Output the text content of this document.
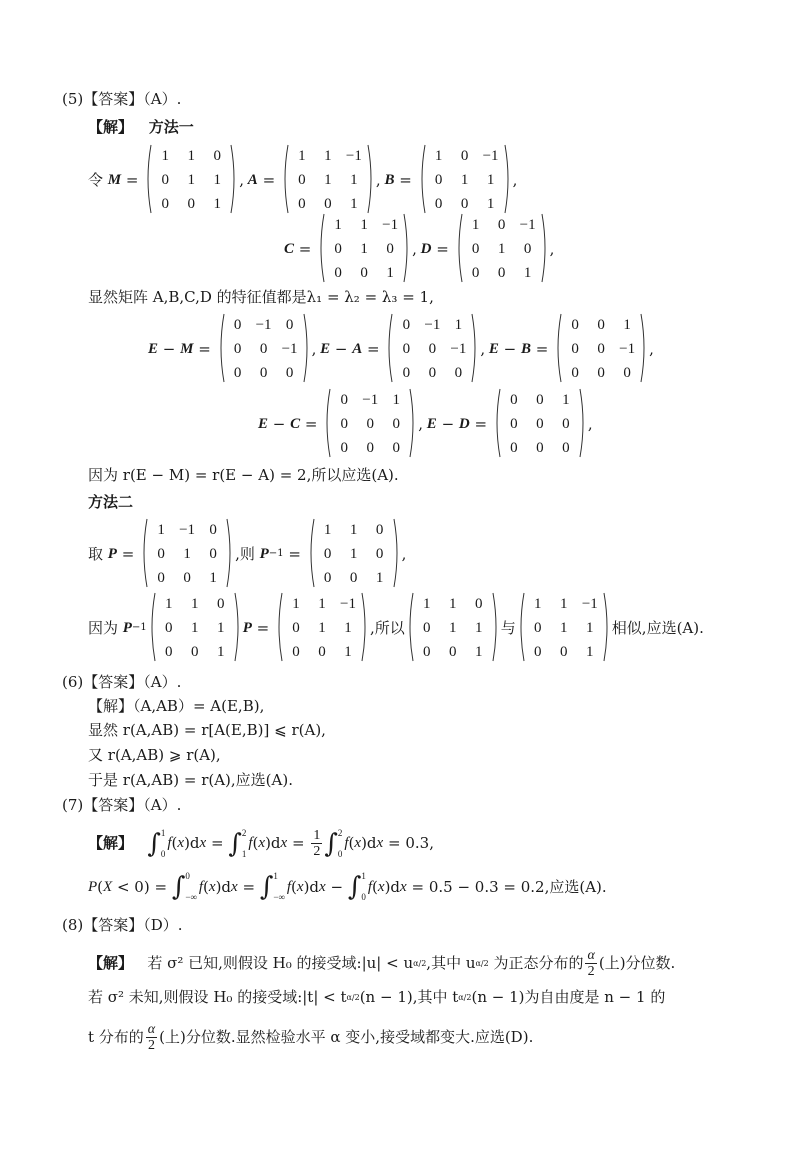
(5)【答案】（A）.
【解】 方法一
令
M =
1 1 0
0 1 1
0 0 1
, A =
1 1 −1
0 1 1
0 0 1
, B =
1 0 −1
0 1 1
0 0 1
,
C =
1 1 −1
0 1 0
0 0 1
, D =
1 0 −1
0 1 0
0 0 1
,
显然矩阵 A,B,C,D 的特征值都是λ₁ = λ₂ = λ₃ = 1,
E − M =
0 −1 0
0 0 −1
0 0 0
, E − A =
0 −1 1
0 0 −1
0 0 0
, E − B =
0 0 1
0 0 −1
0 0 0
,
E − C =
0 −1 1
0 0 0
0 0 0
, E − D =
0 0 1
0 0 0
0 0 0
,
因为 r(E − M) = r(E − A) = 2,所以应选(A).
方法二
取
P =
1 −1 0
0 1 0
0 0 1
,则
P −1 =
1 1 0
0 1 0
0 0 1
,
因为
P −1
1 1 0
0 1 1
0 0 1
P =
1 1 −1
0 1 1
0 0 1
,所以
1 1 0
0 1 1
0 0 1
与
1 1 −1
0 1 1
0 0 1
相似,应选(A).
(6)【答案】（A）.
【解】（A,AB）= A(E,B),
显然 r(A,AB) = r[A(E,B)] ⩽ r(A),
又 r(A,AB) ⩾ r(A),
于是 r(A,AB) = r(A),应选(A).
(7)【答案】（A）.
【解】
∫ 1
0
f ( x )d x = ∫ 2
1
f ( x )d $x = \frac{1}{2}$ ∫ 2
0
f ( x )d x
= 0.3,
P ( X < 0) = ∫ 0
−∞
f ( x )d x = ∫ 1
−∞
f ( x )d x − ∫ 1
0
f ( x )d x
= 0.5 − 0.3 = 0.2,应选(A).
(8)【答案】（D）.
【解】
若 σ² 已知,则假设 H₀ 的接受域:|u| < u α/2 ,其中 u α/2
为正态分布的 $\frac{\alpha}{2}$ (上)分位数.
若 σ² 未知,则假设 H₀ 的接受域:|t| < t α/2 (n − 1),其中 t α/2 (n − 1)为自由度是 n − 1 的
t 分布的 $\frac{\alpha}{2}$ (上)分位数.显然检验水平 α 变小,接受域都变大.应选(D).
